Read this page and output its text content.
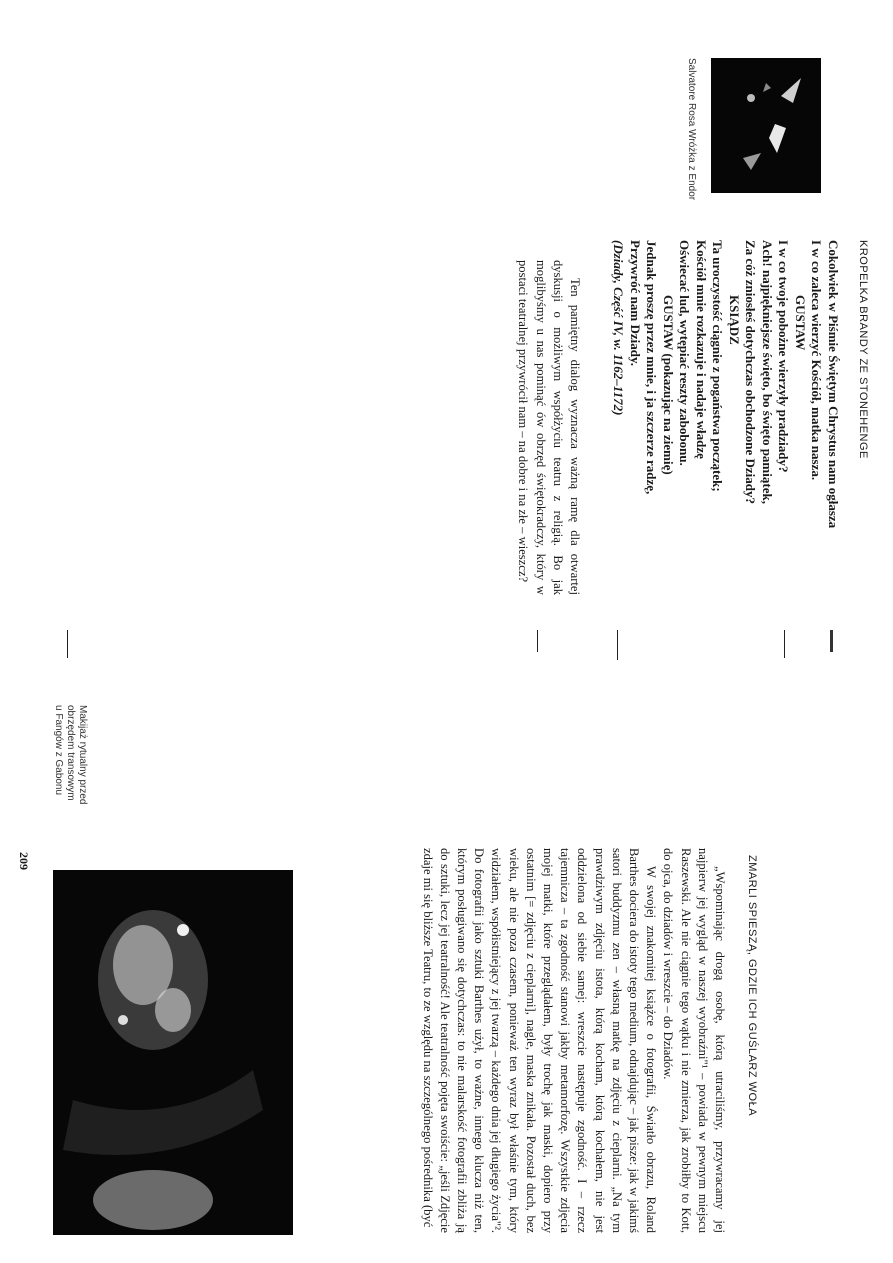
KROPELKA BRANDY ZE STONEHENGE
Cokolwiek w Piśmie Świętym Chrystus nam ogłasza
I w co zaleca wierzyć Kościół, matka nasza.
GUSTAW
I w co twoje pobożne wierzyły pradziady?
Ach! najpiękniejsze święto, bo święto pamiątek,
Za cóż zniosłeś dotychczas obchodzone Dziady?
KSIĄDZ
Ta uroczystość ciągnie z pogaństwa początek;
Kościół mnie rozkazuje i nadaje władzę
Oświecać lud, wytępiać reszty zabobonu.
GUSTAW (pokazując na ziemię)
Jednak proszę przez mnie, i ja szczerze radzę,
Przywróć nam Dziady.
(Dziady, Część IV, w. 1162–1172)

Ten pamiętny dialog wyznacza ważną ramę dla otwartej dyskusji o możliwym współżyciu teatru z religią. Bo jak moglibyśmy u nas pominąć ów obrzęd świętokradczy, który w postaci teatralnej przywrócił nam – na dobre i na złe – wieszcz?

Salvatore Rosa Wróżka z Endor
ZMARLI SPIESZĄ, GDZIE ICH GUŚLARZ WOŁA

„Wspominając drogą osobę, którą utraciliśmy, przywracamy jej najpierw jej wygląd w naszej wyobraźni"¹ – powiada w pewnym miejscu Raszewski. Ale nie ciągnie tego wątku i nie zmierza, jak zrobiłby to Kott, do ojca, do dziadów i wreszcie – do Dziadów.

W swojej znakomitej książce o fotografii, Światło obrazu, Roland Barthes dociera do istoty tego medium, odnajdując – jak pisze: jak w jakimś satori buddyzmu zen – własną matkę na zdjęciu z cieplarni. „Na tym prawdziwym zdjęciu istota, którą kocham, którą kochałem, nie jest oddzielona od siebie samej: wreszcie następuje zgodność. I – rzecz tajemnicza – ta zgodność stanowi jakby metamorfozę. Wszystkie zdjęcia mojej matki, które przeglądałem, były trochę jak maski, dopiero przy ostatnim [= zdjęciu z cieplarni], nagle, maska znikała. Pozostał duch, bez wieku, ale nie poza czasem, ponieważ ten wyraz był właśnie tym, który widziałem, współistniejący z jej twarzą – każdego dnia jej długiego życia"². Do fotografii jako sztuki Barthes użył, to ważne, innego klucza niż ten, którym posługiwano się dotychczas: to nie malarskość fotografii zbliża ją do sztuki, lecz jej teatralność! Ale teatralność pojęta swoiście: „jeśli Zdjęcie zdaje mi się bliższe Teatru, to ze względu na szczególnego pośrednika (być

Makijaż rytualny przed
obrzędem transowym
u Fangów z Gabonu
209
